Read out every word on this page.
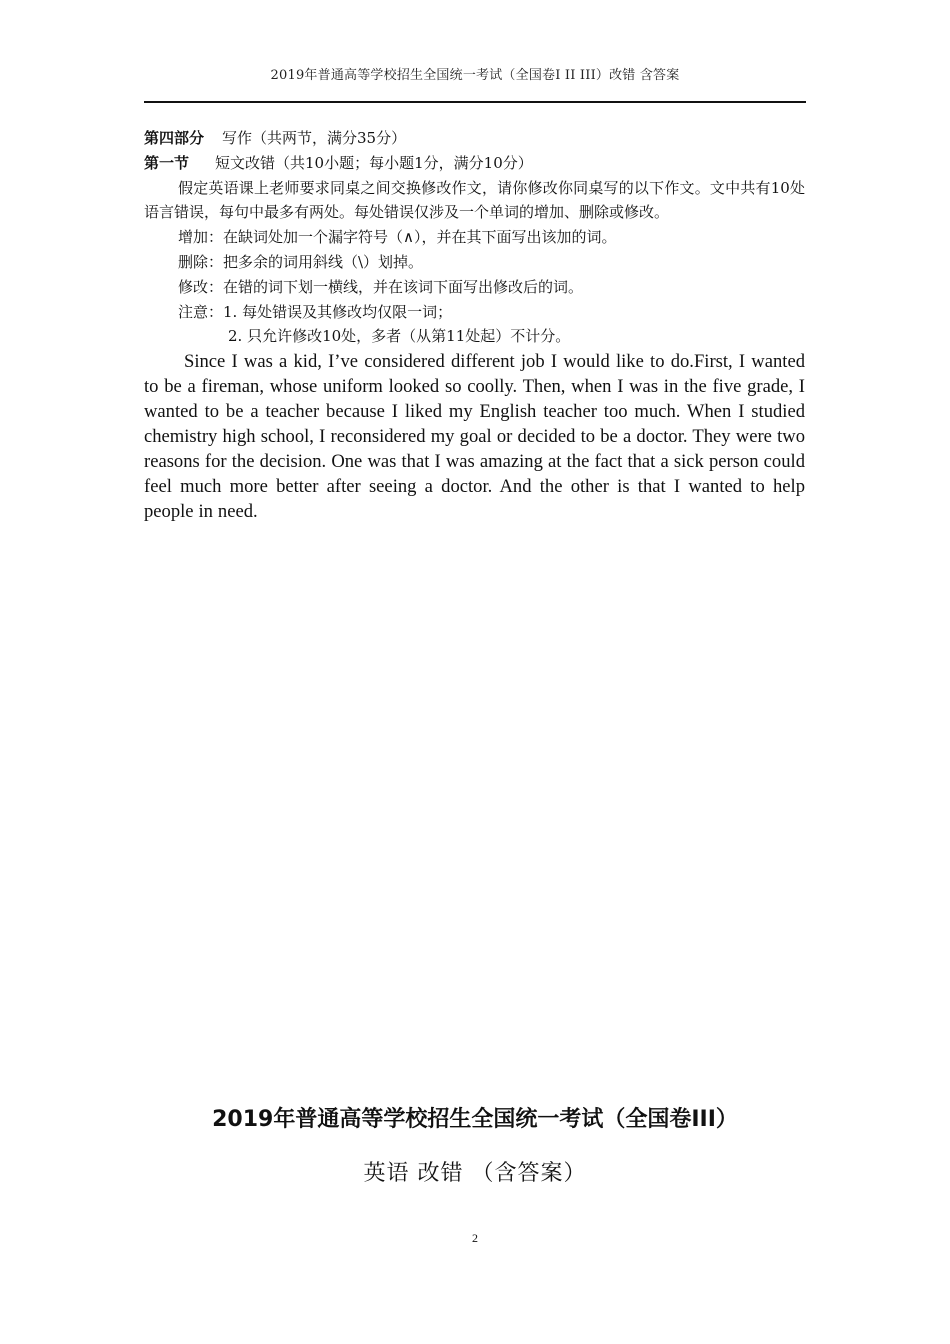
2019年普通高等学校招生全国统一考试（全国卷Ⅰ II III）改错 含答案
第四部分 写作（共两节，满分35分）
第一节 短文改错（共10小题；每小题1分，满分10分）

假定英语课上老师要求同桌之间交换修改作文，请你修改你同桌写的以下作文。文中共有10处语言错误，每句中最多有两处。每处错误仅涉及一个单词的增加、删除或修改。

增加：在缺词处加一个漏字符号（∧），并在其下面写出该加的词。
删除：把多余的词用斜线（\）划掉。
修改：在错的词下划一横线，并在该词下面写出修改后的词。
注意：1. 每处错误及其修改均仅限一词；
2. 只允许修改10处，多者（从第11处起）不计分。

Since I was a kid, I’ve considered different job I would like to do.First, I wanted to be a fireman, whose uniform looked so coolly. Then, when I was in the five grade, I wanted to be a teacher because I liked my English teacher too much. When I studied chemistry high school, I reconsidered my goal or decided to be a doctor. They were two reasons for the decision. One was that I was amazing at the fact that a sick person could feel much more better after seeing a doctor. And the other is that I wanted to help people in need.

2019年普通高等学校招生全国统一考试（全国卷III）
英语 改错 （含答案）
2
